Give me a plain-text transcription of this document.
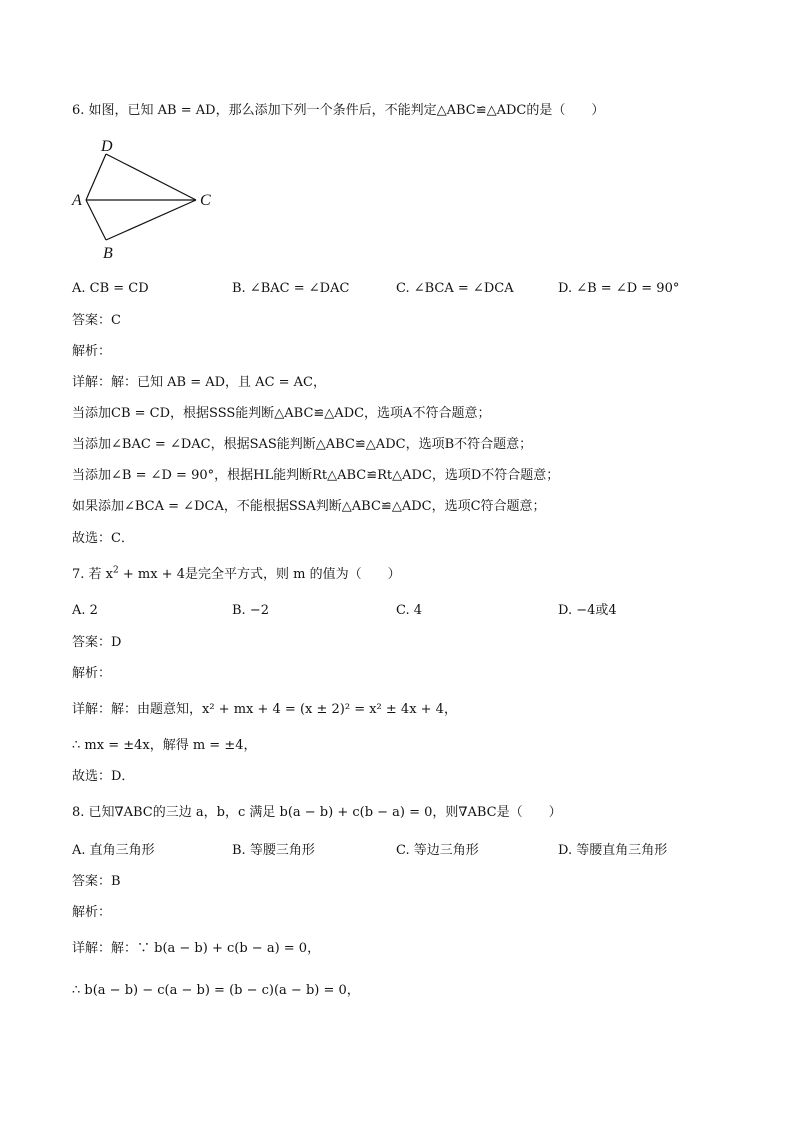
6. 如图，已知 AB = AD，那么添加下列一个条件后，不能判定△ABC≌△ADC的是（　　）
D
A	C
B
A. CB = CD	B. ∠BAC = ∠DAC	C. ∠BCA = ∠DCA	D. ∠B = ∠D = 90°
答案：C
解析：
详解：解：已知 AB = AD，且 AC = AC，
当添加CB = CD，根据SSS能判断△ABC≌△ADC，选项A不符合题意；
当添加∠BAC = ∠DAC，根据SAS能判断△ABC≌△ADC，选项B不符合题意；
当添加∠B = ∠D = 90°，根据HL能判断Rt△ABC≌Rt△ADC，选项D不符合题意；
如果添加∠BCA = ∠DCA，不能根据SSA判断△ABC≌△ADC，选项C符合题意；
故选：C．
7. 若 $x^2$ + mx + 4是完全平方式，则 m 的值为（　　）
A. 2	B. −2	C. 4	D. −4或4
答案：D
解析：
详解：解：由题意知，x² + mx + 4 = (x ± 2)² = x² ± 4x + 4，
∴ mx = ±4x，解得 m = ±4，
故选：D．
8. 已知∇ABC的三边 a，b，c 满足 b(a − b) + c(b − a) = 0，则∇ABC是（　　）
A. 直角三角形	B. 等腰三角形	C. 等边三角形	D. 等腰直角三角形
答案：B
解析：
详解：解：∵ b(a − b) + c(b − a) = 0，
∴ b(a − b) − c(a − b) = (b − c)(a − b) = 0，
